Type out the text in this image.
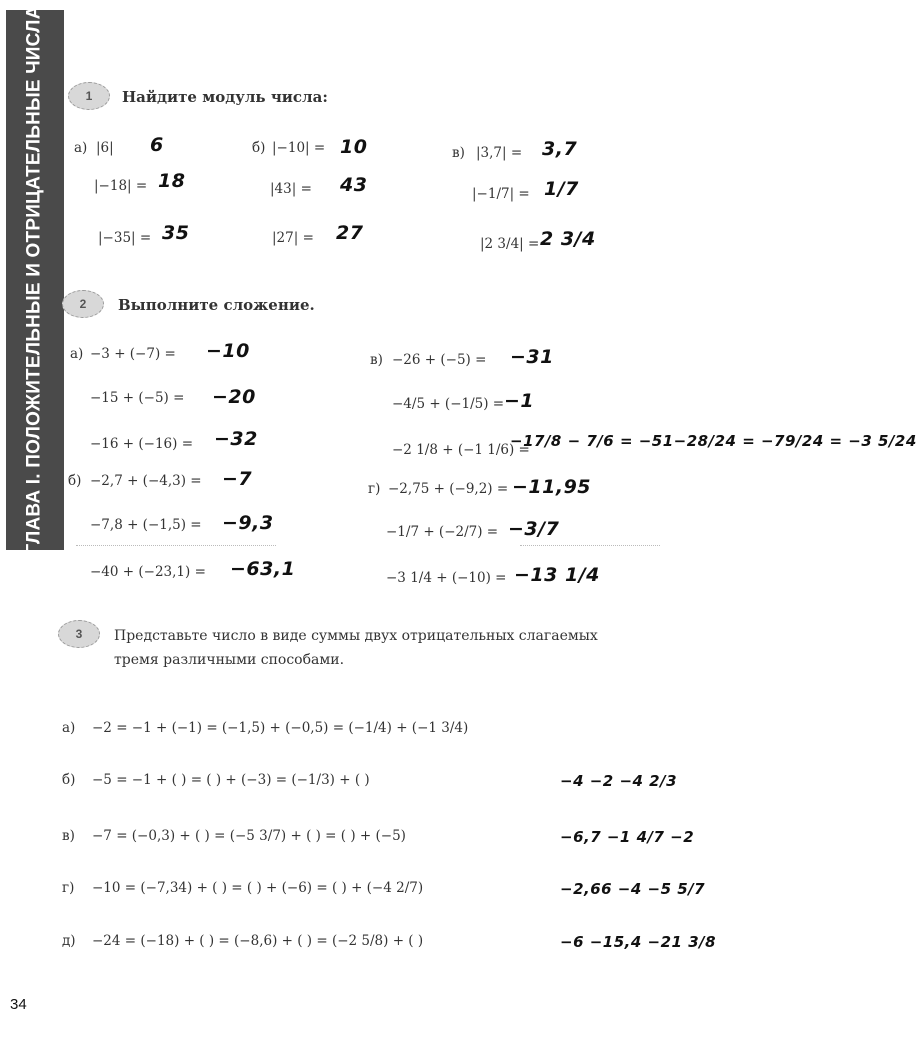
ГЛАВА I. ПОЛОЖИТЕЛЬНЫЕ И ОТРИЦАТЕЛЬНЫЕ ЧИСЛА	1 Найдите модуль числа:
а) |6| 6
|−18| = 18
|−35| = 35
б) |−10| = 10
|43| = 43
|27| = 27
в) |3,7| = 3,7
|−1/7| = 1/7
|2 3/4| = 2 3/4
2 Выполните сложение.
а) −3 + (−7) = −10
−15 + (−5) = −20
−16 + (−16) = −32
б) −2,7 + (−4,3) = −7
−7,8 + (−1,5) = −9,3
−40 + (−23,1) = −63,1
в) −26 + (−5) = −31
−4/5 + (−1/5) = −1
−2 1/8 + (−1 1/6) =
−17/8 − 7/6 = −51−28/24 = −79/24 = −3 5/24
г) −2,75 + (−9,2) = −11,95
−1/7 + (−2/7) = −3/7
−3 1/4 + (−10) = −13 1/4
3 Представьте число в виде суммы двух отрицательных слагаемых
тремя различными способами.
а) −2 = −1 + (−1) = (−1,5) + (−0,5) = (−1/4) + (−1 3/4)
б) −5 = −1 + ( ) = ( ) + (−3) = (−1/3) + ( )	−4 −2 −4 2/3
в) −7 = (−0,3) + ( ) = (−5 3/7) + ( ) = ( ) + (−5)	−6,7 −1 4/7 −2
г) −10 = (−7,34) + ( ) = ( ) + (−6) = ( ) + (−4 2/7)	−2,66 −4 −5 5/7
д) −24 = (−18) + ( ) = (−8,6) + ( ) = (−2 5/8) + ( )	−6 −15,4 −21 3/8
34
